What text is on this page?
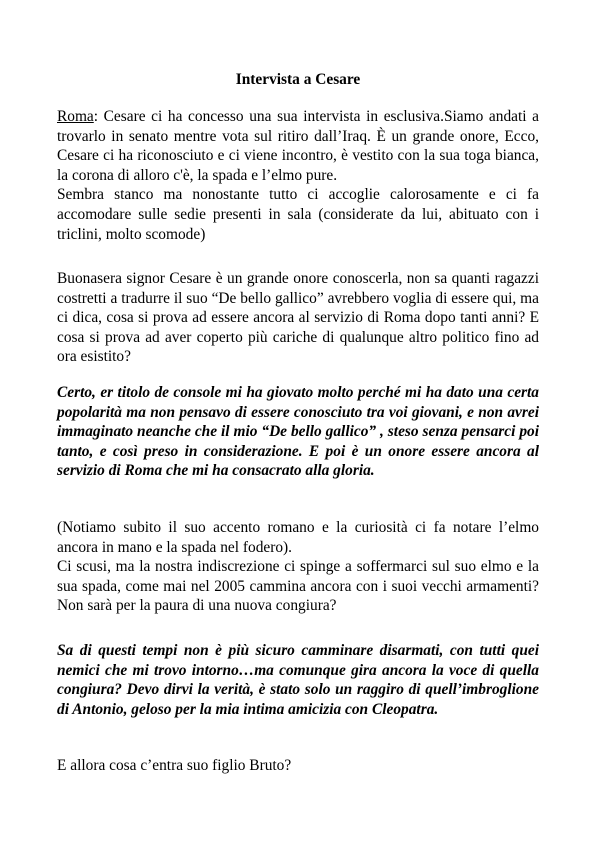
Intervista a Cesare

Roma: Cesare ci ha concesso una sua intervista in esclusiva.Siamo andati a trovarlo in senato mentre vota sul ritiro dall’Iraq. È un grande onore, Ecco, Cesare ci ha riconosciuto e ci viene incontro, è vestito con la sua toga bianca, la corona di alloro c'è, la spada e l’elmo pure.

Sembra stanco ma nonostante tutto ci accoglie calorosamente e ci fa accomodare sulle sedie presenti in sala (considerate da lui, abituato con i triclini, molto scomode)

Buonasera signor Cesare è un grande onore conoscerla, non sa quanti ragazzi costretti a tradurre il suo “De bello gallico” avrebbero voglia di essere qui, ma ci dica, cosa si prova ad essere ancora al servizio di Roma dopo tanti anni? E cosa si prova ad aver coperto più cariche di qualunque altro politico fino ad ora esistito?

Certo, er titolo de console mi ha giovato molto perché mi ha dato una certa popolarità ma non pensavo di essere conosciuto tra voi giovani, e non avrei immaginato neanche che il mio “De bello gallico” , steso senza pensarci poi tanto, e così preso in considerazione. E poi è un onore essere ancora al servizio di Roma che mi ha consacrato alla gloria.

(Notiamo subito il suo accento romano e la curiosità ci fa notare l’elmo ancora in mano e la spada nel fodero).

Ci scusi, ma la nostra indiscrezione ci spinge a soffermarci sul suo elmo e la sua spada, come mai nel 2005 cammina ancora con i suoi vecchi armamenti? Non sarà per la paura di una nuova congiura?

Sa di questi tempi non è più sicuro camminare disarmati, con tutti quei nemici che mi trovo intorno…ma comunque gira ancora la voce di quella congiura? Devo dirvi la verità, è stato solo un raggiro di quell’imbroglione di Antonio, geloso per la mia intima amicizia con Cleopatra.

E allora cosa c’entra suo figlio Bruto?
